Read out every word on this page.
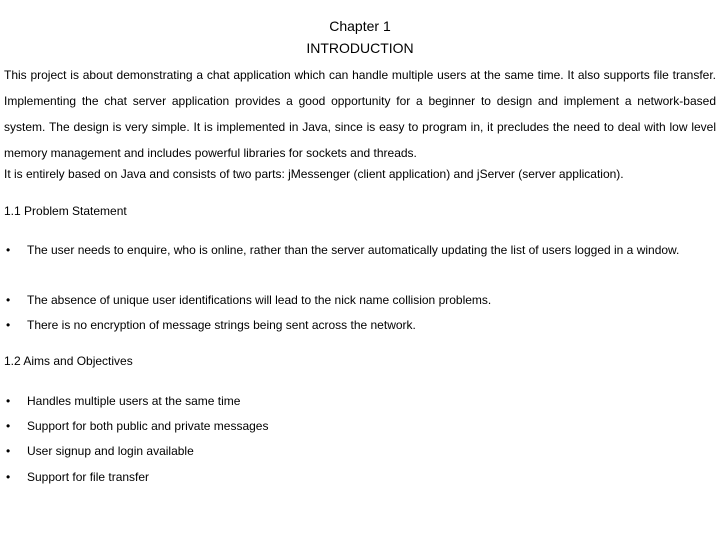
Chapter 1
INTRODUCTION
This project is about demonstrating a chat application which can handle multiple users at the same time. It also supports file transfer. Implementing the chat server application provides a good opportunity for a beginner to design and implement a network-based system. The design is very simple. It is implemented in Java, since is easy to program in, it precludes the need to deal with low level memory management and includes powerful libraries for sockets and threads.
It is entirely based on Java and consists of two parts: jMessenger (client application) and jServer (server application).
1.1 Problem Statement
•	The user needs to enquire, who is online, rather than the server automatically updating the list of users logged in a window.
•	The absence of unique user identifications will lead to the nick name collision problems.
•	There is no encryption of message strings being sent across the network.
1.2 Aims and Objectives
•	Handles multiple users at the same time
•	Support for both public and private messages
•	User signup and login available
•	Support for file transfer
